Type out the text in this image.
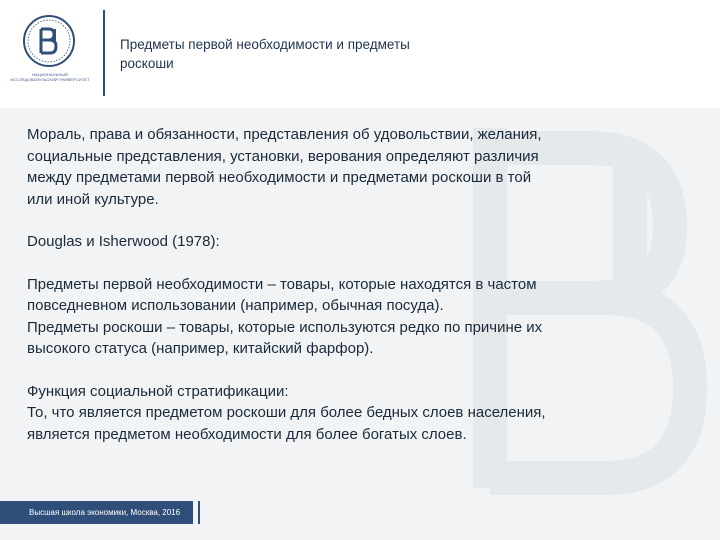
НАЦИОНАЛЬНЫЙ ИССЛЕДОВАТЕЛЬСКИЙ УНИВЕРСИТЕТ
Предметы первой необходимости и предметы
роскоши

Мораль, права и обязанности, представления об удовольствии, желания,
социальные представления, установки, верования определяют различия
между предметами первой необходимости и предметами роскоши в той
или иной культуре.

Douglas и Isherwood (1978):

Предметы первой необходимости – товары, которые находятся в частом
повседневном использовании (например, обычная посуда).
Предметы роскоши – товары, которые используются редко по причине их
высокого статуса (например, китайский фарфор).

Функция социальной стратификации:
То, что является предметом роскоши для более бедных слоев населения,
является предметом необходимости для более богатых слоев.

Высшая школа экономики, Москва, 2016
